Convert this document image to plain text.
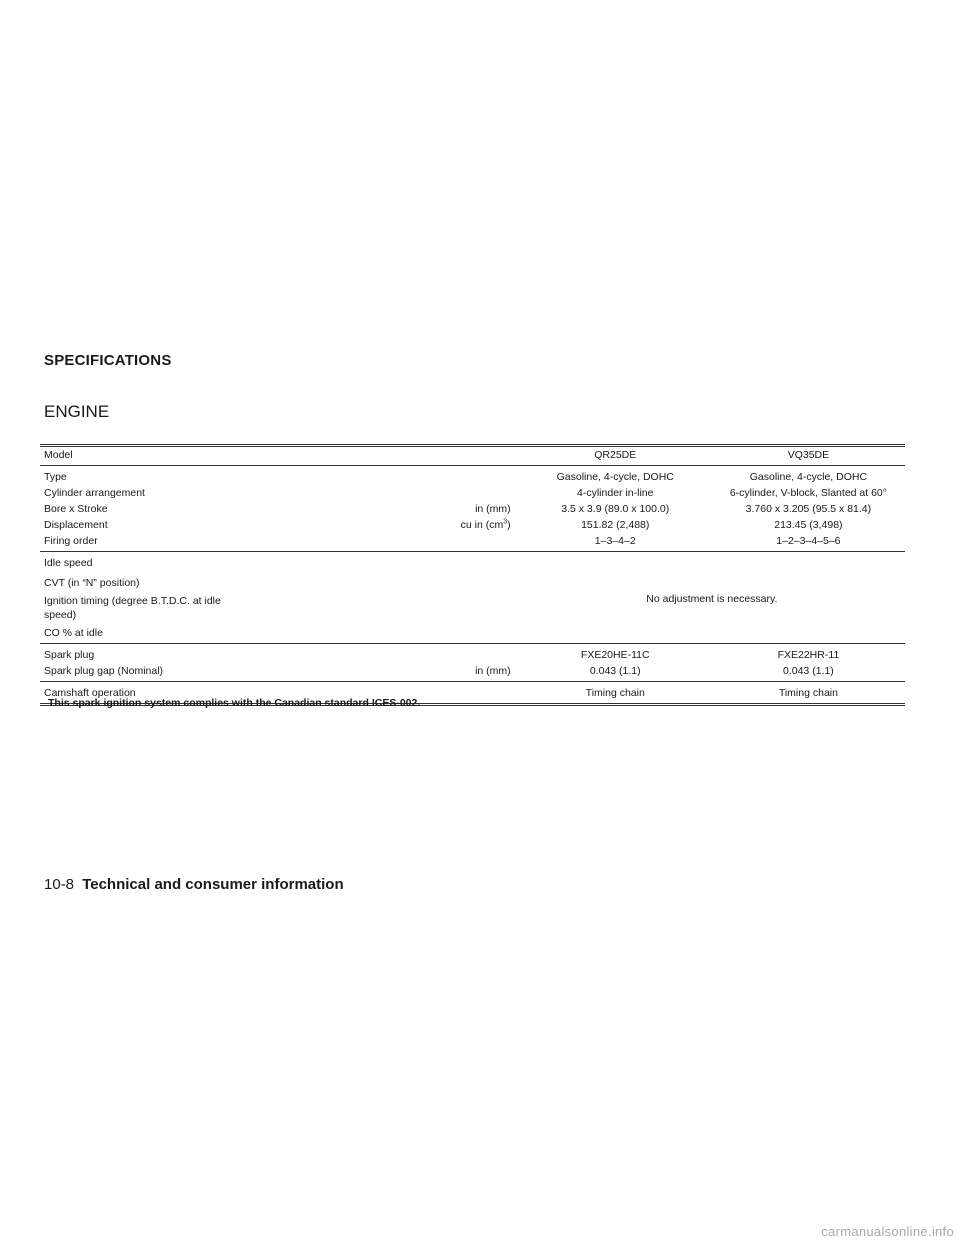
SPECIFICATIONS
ENGINE
Model		QR25DE	VQ35DE
Type		Gasoline, 4-cycle, DOHC	Gasoline, 4-cycle, DOHC
Cylinder arrangement		4-cylinder in-line	6-cylinder, V-block, Slanted at 60°
Bore x Stroke	in (mm)	3.5 x 3.9 (89.0 x 100.0)	3.760 x 3.205 (95.5 x 81.4)
Displacement	cu in $(cm^3)$	151.82 (2,488)	213.45 (3,498)
Firing order		1–3–4–2	1–2–3–4–5–6
Idle speed		No adjustment is necessary.	
CVT (in “N” position)			
Ignition timing (degree B.T.D.C. at idle speed)			
CO % at idle			
Spark plug		FXE20HE-11C	FXE22HR-11
Spark plug gap (Nominal)	in (mm)	0.043 (1.1)	0.043 (1.1)
Camshaft operation		Timing chain	Timing chain

This spark ignition system complies with the Canadian standard ICES-002.

10-8 Technical and consumer information

carmanualsonline.info
